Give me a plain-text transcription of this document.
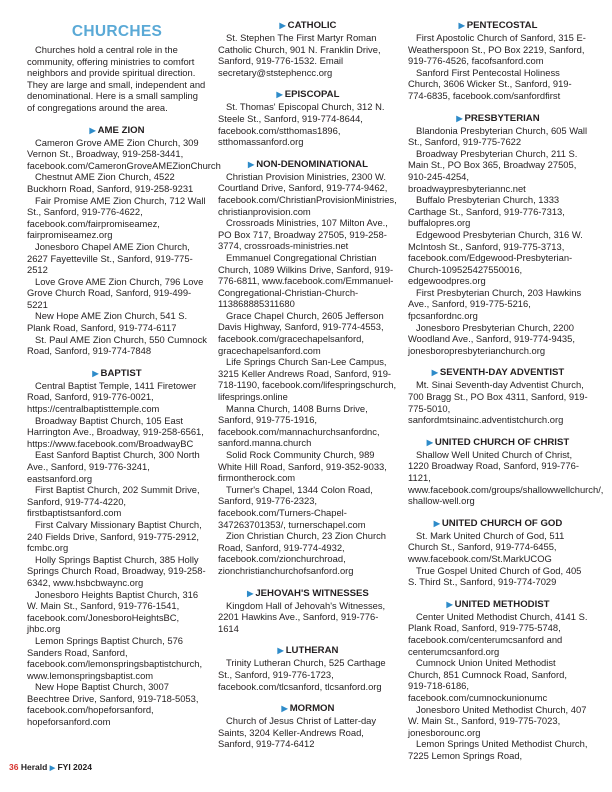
CHURCHES

Churches hold a central role in the community, offering ministries to comfort neighbors and provide spiritual direction. They are large and small, independent and denominational. Here is a small sampling of congregations around the area.

▶ AME ZION

Cameron Grove AME Zion Church, 309 Vernon St., Broadway, 919-258-3441, facebook.com/CameronGroveAMEZionChurch

Chestnut AME Zion Church, 4522 Buckhorn Road, Sanford, 919-258-9231

Fair Promise AME Zion Church, 712 Wall St., Sanford, 919-776-4622, facebook.com/fairpromiseamez, fairpromiseamez.org

Jonesboro Chapel AME Zion Church, 2627 Fayetteville St., Sanford, 919-775-2512

Love Grove AME Zion Church, 796 Love Grove Church Road, Sanford, 919-499-5221

New Hope AME Zion Church, 541 S. Plank Road, Sanford, 919-774-6117

St. Paul AME Zion Church, 550 Cumnock Road, Sanford, 919-774-7848

▶ BAPTIST

Central Baptist Temple, 1411 Firetower Road, Sanford, 919-776-0021, https://centralbaptisttemple.com

Broadway Baptist Church, 105 East Harrington Ave., Broadway, 919-258-6561, https://www.facebook.com/BroadwayBC

East Sanford Baptist Church, 300 North Ave., Sanford, 919-776-3241, eastsanford.org

First Baptist Church, 202 Summit Drive, Sanford, 919-774-4220, firstbaptistsanford.com

First Calvary Missionary Baptist Church, 240 Fields Drive, Sanford, 919-775-2912, fcmbc.org

Holly Springs Baptist Church, 385 Holly Springs Church Road, Broadway, 919-258-6342, www.hsbcbwaync.org

Jonesboro Heights Baptist Church, 316 W. Main St., Sanford, 919-776-1541, facebook.com/JonesboroHeightsBC, jhbc.org

Lemon Springs Baptist Church, 576 Sanders Road, Sanford, facebook.com/lemonspringsbaptistchurch, www.lemonspringsbaptist.com

New Hope Baptist Church, 3007 Beechtree Drive, Sanford, 919-718-5053, facebook.com/hopeforsanford, hopeforsanford.com

▶ CATHOLIC

St. Stephen The First Martyr Roman Catholic Church, 901 N. Franklin Drive, Sanford, 919-776-1532. Email secretary@ststephencc.org

▶ EPISCOPAL

St. Thomas' Episcopal Church, 312 N. Steele St., Sanford, 919-774-8644, facebook.com/stthomas1896, stthomassanford.org

▶ NON-DENOMINATIONAL

Christian Provision Ministries, 2300 W. Courtland Drive, Sanford, 919-774-9462, facebook.com/ChristianProvisionMinistries, christianprovision.com

Crossroads Ministries, 107 Milton Ave., PO Box 717, Broadway 27505, 919-258-3774, crossroads-ministries.net

Emmanuel Congregational Christian Church, 1089 Wilkins Drive, Sanford, 919-776-6811, www.facebook.com/Emmanuel-Congregational-Christian-Church-113868885311680

Grace Chapel Church, 2605 Jefferson Davis Highway, Sanford, 919-774-4553, facebook.com/gracechapelsanford, gracechapelsanford.com

Life Springs Church San-Lee Campus, 3215 Keller Andrews Road, Sanford, 919-718-1190, facebook.com/lifespringschurch, lifesprings.online

Manna Church, 1408 Burns Drive, Sanford, 919-775-1916, facebook.com/mannachurchsanfordnc, sanford.manna.church

Solid Rock Community Church, 989 White Hill Road, Sanford, 919-352-9033, firmontherock.com

Turner's Chapel, 1344 Colon Road, Sanford, 919-776-2323, facebook.com/Turners-Chapel-347263701353/, turnerschapel.com

Zion Christian Church, 23 Zion Church Road, Sanford, 919-774-4932, facebook.com/zionchurchroad, zionchristianchurchofsanford.org

▶ JEHOVAH'S WITNESSES

Kingdom Hall of Jehovah's Witnesses, 2201 Hawkins Ave., Sanford, 919-776-1614

▶ LUTHERAN

Trinity Lutheran Church, 525 Carthage St., Sanford, 919-776-1723, facebook.com/tlcsanford, tlcsanford.org

▶ MORMON

Church of Jesus Christ of Latter-day Saints, 3204 Keller-Andrews Road, Sanford, 919-774-6412

▶ PENTECOSTAL

First Apostolic Church of Sanford, 315 E- Weatherspoon St., PO Box 2219, Sanford, 919-776-4526, facofsanford.com

Sanford First Pentecostal Holiness Church, 3606 Wicker St., Sanford, 919-774-6835, facebook.com/sanfordfirst

▶ PRESBYTERIAN

Blandonia Presbyterian Church, 605 Wall St., Sanford, 919-775-7622

Broadway Presbyterian Church, 211 S. Main St., PO Box 365, Broadway 27505, 910-245-4254, broadwaypresbyteriannc.net

Buffalo Presbyterian Church, 1333 Carthage St., Sanford, 919-776-7313, buffalopres.org

Edgewood Presbyterian Church, 316 W. McIntosh St., Sanford, 919-775-3713, facebook.com/Edgewood-Presbyterian-Church-109525427550016, edgewoodpres.org

First Presbyterian Church, 203 Hawkins Ave., Sanford, 919-775-5216, fpcsanfordnc.org

Jonesboro Presbyterian Church, 2200 Woodland Ave., Sanford, 919-774-9435, jonesboropresbyterianchurch.org

▶ SEVENTH-DAY ADVENTIST

Mt. Sinai Seventh-day Adventist Church, 700 Bragg St., PO Box 4311, Sanford, 919-775-5010, sanfordmtsinainc.adventistchurch.org

▶ UNITED CHURCH OF CHRIST

Shallow Well United Church of Christ, 1220 Broadway Road, Sanford, 919-776-1121, www.facebook.com/groups/shallowwellchurch/, shallow-well.org

▶ UNITED CHURCH OF GOD

St. Mark United Church of God, 511 Church St., Sanford, 919-774-6455, www.facebook.com/St.MarkUCOG

True Gospel United Church of God, 405 S. Third St., Sanford, 919-774-7029

▶ UNITED METHODIST

Center United Methodist Church, 4141 S. Plank Road, Sanford, 919-775-5748, facebook.com/centerumcsanford and centerumcsanford.org

Cumnock Union United Methodist Church, 851 Cumnock Road, Sanford, 919-718-6186, facebook.com/cumnockunionumc

Jonesboro United Methodist Church, 407 W. Main St., Sanford, 919-775-7023, jonesborounc.org

Lemon Springs United Methodist Church, 7225 Lemon Springs Road,

36 Herald ▶ FYI 2024
